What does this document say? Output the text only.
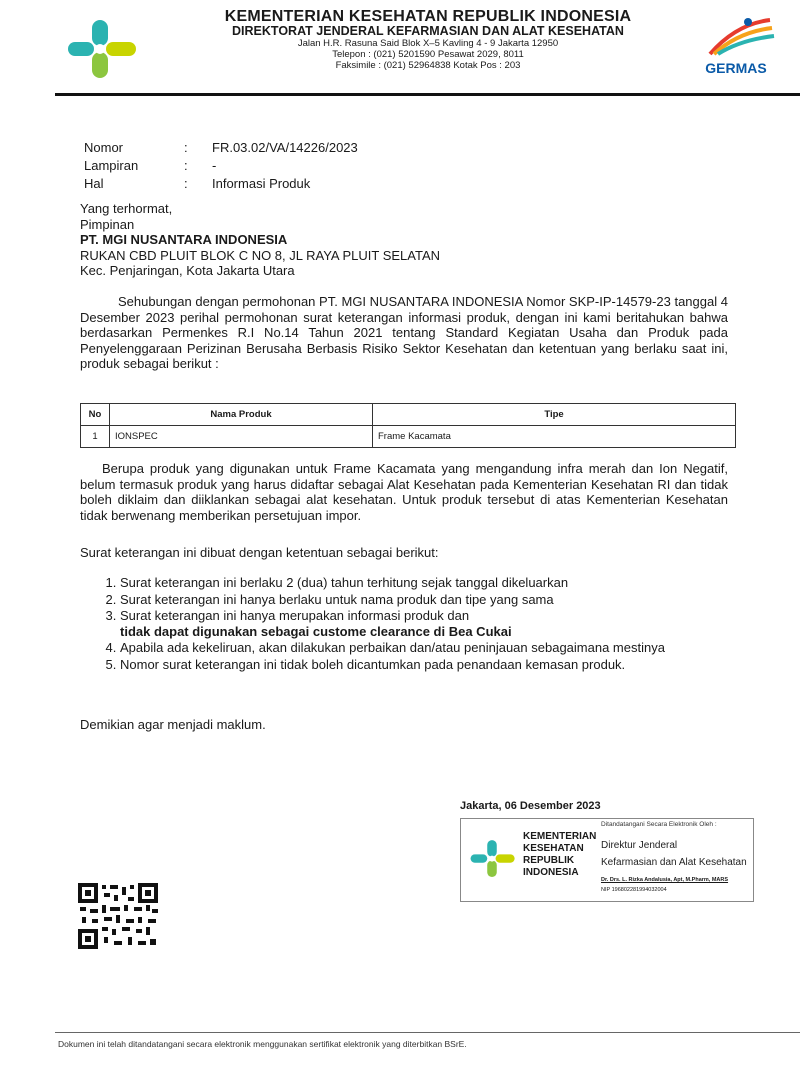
KEMENTERIAN KESEHATAN REPUBLIK INDONESIA
DIREKTORAT JENDERAL KEFARMASIAN DAN ALAT KESEHATAN
Jalan H.R. Rasuna Said Blok X–5 Kavling 4 - 9 Jakarta 12950
Telepon : (021) 5201590 Pesawat 2029, 8011
Faksimile : (021) 52964838 Kotak Pos : 203	GERMAS
Nomor	:	FR.03.02/VA/14226/2023
Lampiran	:	-
Hal	:	Informasi Produk
Yang terhormat,
Pimpinan
PT. MGI NUSANTARA INDONESIA
RUKAN CBD PLUIT BLOK C NO 8, JL RAYA PLUIT SELATAN
Kec. Penjaringan, Kota Jakarta Utara
Sehubungan dengan permohonan PT. MGI NUSANTARA INDONESIA Nomor SKP-IP-14579-23 tanggal 4 Desember 2023 perihal permohonan surat keterangan informasi produk, dengan ini kami beritahukan bahwa berdasarkan Permenkes R.I No.14 Tahun 2021 tentang Standard Kegiatan Usaha dan Produk pada Penyelenggaraan Perizinan Berusaha Berbasis Risiko Sektor Kesehatan dan ketentuan yang berlaku saat ini, produk sebagai berikut :
No	Nama Produk	Tipe
1	IONSPEC	Frame Kacamata
Berupa produk yang digunakan untuk Frame Kacamata yang mengandung infra merah dan Ion Negatif, belum termasuk produk yang harus didaftar sebagai Alat Kesehatan pada Kementerian Kesehatan RI dan tidak boleh diklaim dan diiklankan sebagai alat kesehatan. Untuk produk tersebut di atas Kementerian Kesehatan tidak berwenang memberikan persetujuan impor.
Surat keterangan ini dibuat dengan ketentuan sebagai berikut:
1. Surat keterangan ini berlaku 2 (dua) tahun terhitung sejak tanggal dikeluarkan
2. Surat keterangan ini hanya berlaku untuk nama produk dan tipe yang sama
3. Surat keterangan ini hanya merupakan informasi produk dan
tidak dapat digunakan sebagai custome clearance di Bea Cukai
4. Apabila ada kekeliruan, akan dilakukan perbaikan dan/atau peninjauan sebagaimana mestinya
5. Nomor surat keterangan ini tidak boleh dicantumkan pada penandaan kemasan produk.
Demikian agar menjadi maklum.
Jakarta, 06 Desember 2023
KEMENTERIAN
KESEHATAN
REPUBLIK
INDONESIA
Ditandatangani Secara Elektronik Oleh :
Direktur Jenderal
Kefarmasian dan Alat Kesehatan
Dr. Drs. L. Rizka Andalusia, Apt, M.Pharm, MARS
NIP 196802281994032004
Dokumen ini telah ditandatangani secara elektronik menggunakan sertifikat elektronik yang diterbitkan BSrE.
